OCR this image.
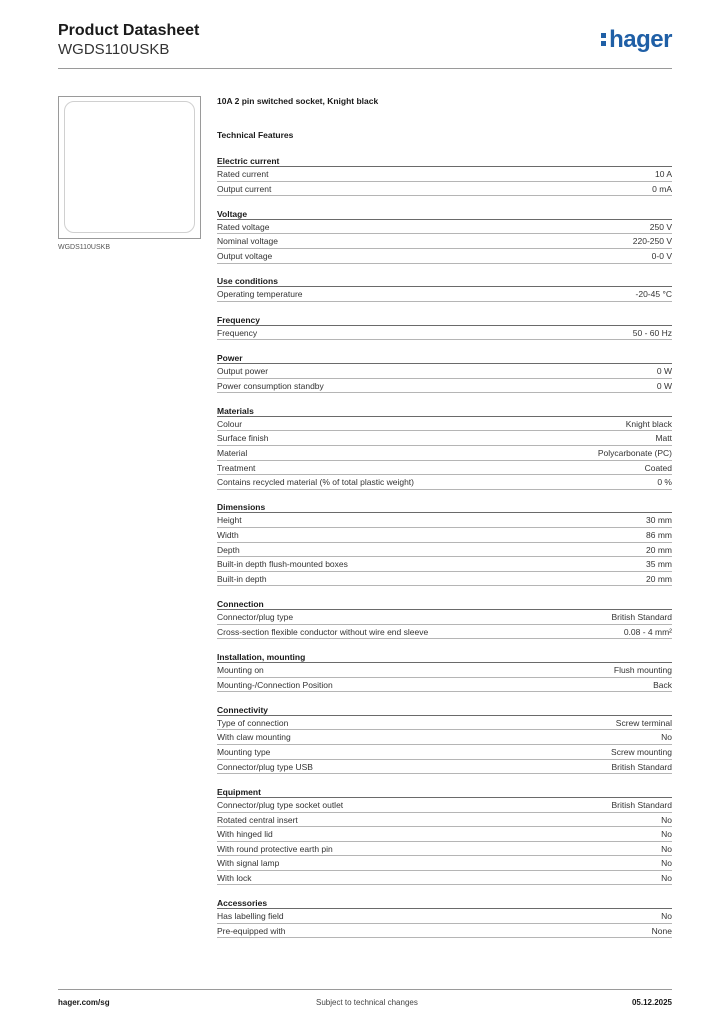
Product Datasheet
WGDS110USKB	hager
WGDS110USKB
10A 2 pin switched socket, Knight black
Technical Features
Electric current
Rated current	10 A
Output current	0 mA
Voltage
Rated voltage	250 V
Nominal voltage	220-250 V
Output voltage	0-0 V
Use conditions
Operating temperature	-20-45 °C
Frequency
Frequency	50 - 60 Hz
Power
Output power	0 W
Power consumption standby	0 W
Materials
Colour	Knight black
Surface finish	Matt
Material	Polycarbonate (PC)
Treatment	Coated
Contains recycled material (% of total plastic weight)	0 %
Dimensions
Height	30 mm
Width	86 mm
Depth	20 mm
Built-in depth flush-mounted boxes	35 mm
Built-in depth	20 mm
Connection
Connector/plug type	British Standard
Cross-section flexible conductor without wire end sleeve	0.08 - 4 mm²
Installation, mounting
Mounting on	Flush mounting
Mounting-/Connection Position	Back
Connectivity
Type of connection	Screw terminal
With claw mounting	No
Mounting type	Screw mounting
Connector/plug type USB	British Standard
Equipment
Connector/plug type socket outlet	British Standard
Rotated central insert	No
With hinged lid	No
With round protective earth pin	No
With signal lamp	No
With lock	No
Accessories
Has labelling field	No
Pre-equipped with	None
hager.com/sg	Subject to technical changes	05.12.2025
